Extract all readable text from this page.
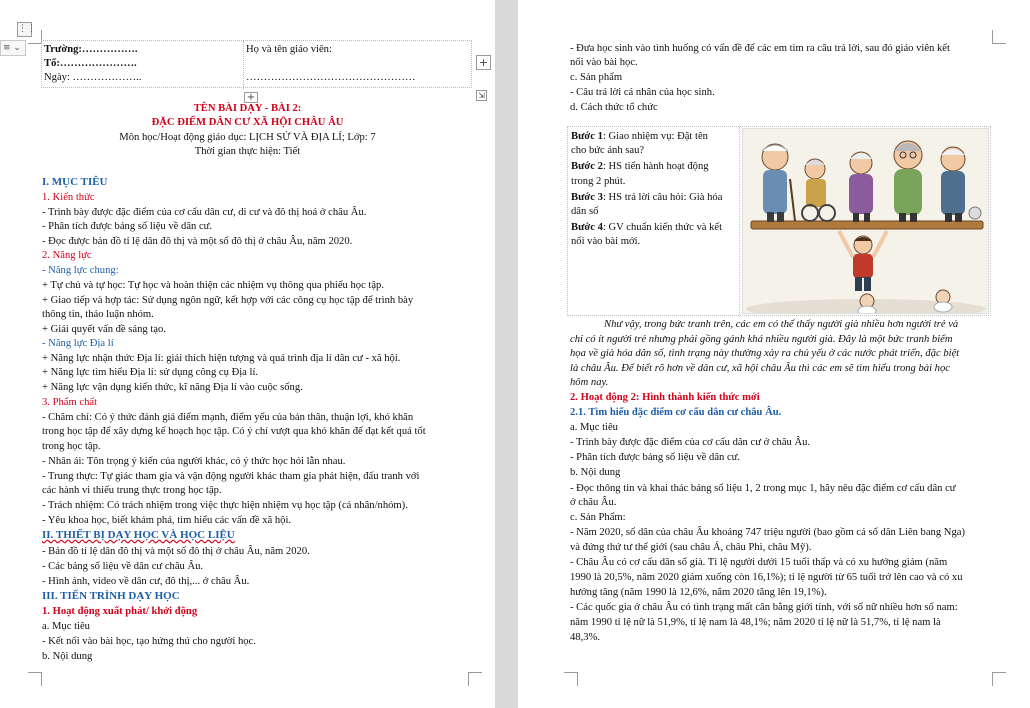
≡ ⌄
⋮⋮
Trường:…………….
Tổ:………………….
Ngày: ………………..
Họ và tên giáo viên:
…………………………………………
+
+	⇲
TÊN BÀI DẠY - BÀI 2:
ĐẶC ĐIỂM DÂN CƯ XÃ HỘI CHÂU ÂU
Môn học/Hoạt động giáo dục: LỊCH SỬ VÀ ĐỊA LÍ; Lớp: 7
Thời gian thực hiện: Tiết
I. MỤC TIÊU
1. Kiến thức
- Trình bày được đặc điểm của cơ cấu dân cư, di cư và đô thị hoá ở châu Âu.
- Phân tích được bảng số liệu về dân cư.
- Đọc được bản đồ tỉ lệ dân đô thị và một số đô thị ở châu Âu, năm 2020.
2. Năng lực
- Năng lực chung:
+ Tự chủ và tự học: Tự học và hoàn thiện các nhiệm vụ thông qua phiếu học tập.
+ Giao tiếp và hợp tác: Sử dụng ngôn ngữ, kết hợp với các công cụ học tập để trình bày
thông tin, thảo luận nhóm.
+ Giải quyết vấn đề sáng tạo.
- Năng lực Địa lí
+ Năng lực nhận thức Địa lí: giải thích hiện tượng và quá trình địa lí dân cư - xã hội.
+ Năng lực tìm hiểu Địa lí: sử dụng công cụ Địa lí.
+ Năng lực vận dụng kiến thức, kĩ năng Địa lí vào cuộc sống.
3. Phẩm chất
- Chăm chỉ: Có ý thức đánh giá điểm mạnh, điểm yếu của bản thân, thuận lợi, khó khăn
trong học tập để xây dựng kế hoạch học tập. Có ý chí vượt qua khó khăn để đạt kết quả tốt
trong học tập.
- Nhân ái: Tôn trọng ý kiến của người khác, có ý thức học hỏi lẫn nhau.
- Trung thực: Tự giác tham gia và vận động người khác tham gia phát hiện, đấu tranh với
các hành vi thiếu trung thực trong học tập.
- Trách nhiệm: Có trách nhiệm trong việc thực hiện nhiệm vụ học tập (cá nhân/nhóm).
- Yêu khoa học, biết khám phá, tìm hiểu các vấn đề xã hội.
II. THIẾT BỊ DẠY HỌC VÀ HỌC LIỆU
- Bản đồ tỉ lệ dân đô thị và một số đô thị ở châu Âu, năm 2020.
- Các bảng số liệu về dân cư châu Âu.
- Hình ảnh, video về dân cư, đô thị,... ở châu Âu.
III. TIẾN TRÌNH DẠY HỌC
1. Hoạt động xuất phát/ khởi động
a. Mục tiêu
- Kết nối vào bài học, tạo hứng thú cho người học.
b. Nội dung
- Đưa học sinh vào tình huống có vấn đề để các em tìm ra câu trả lời, sau đó giáo viên kết
nối vào bài học.
c. Sản phẩm
- Câu trả lời cá nhân của học sinh.
d. Cách thức tổ chức
Bước 1: Giao nhiệm vụ: Đặt tên
cho bức ảnh sau?
Bước 2: HS tiến hành hoạt động
trong 2 phút.
Bước 3: HS trả lời câu hỏi: Già hóa
dân số
Bước 4: GV chuẩn kiến thức và kết
nối vào bài mới.
Như vậy, trong bức tranh trên, các em có thể thấy người già nhiều hơn người trẻ và
chỉ có ít người trẻ nhưng phải gồng gánh khá nhiều người già. Đây là một bức tranh biếm
họa về già hóa dân số, tình trạng này thường xảy ra chủ yếu ở các nước phát triển, đặc biệt
là châu Âu. Để biết rõ hơn về dân cư, xã hội châu Âu thì các em sẽ tìm hiểu trong bài học
hôm nay.
2. Hoạt động 2: Hình thành kiến thức mới
2.1. Tìm hiểu đặc điểm cơ cấu dân cư châu Âu.
a. Mục tiêu
- Trình bày được đặc điểm của cơ cấu dân cư ở châu Âu.
- Phân tích được bảng số liệu về dân cư.
b. Nội dung
- Đọc thông tin và khai thác bảng số liệu 1, 2 trong mục 1, hãy nêu đặc điểm cơ cấu dân cư
ở châu Âu.
c. Sản Phẩm:
- Năm 2020, số dân của châu Âu khoảng 747 triệu người (bao gồm cả số dân Liên bang Nga)
và đứng thứ tư thế giới (sau châu Á, châu Phi, châu Mỹ).
- Châu Âu có cơ cấu dân số già. Tỉ lệ người dưới 15 tuổi thấp và có xu hướng giảm (năm
1990 là 20,5%, năm 2020 giảm xuống còn 16,1%); tỉ lệ người từ 65 tuổi trở lên cao và có xu
hướng tăng (năm 1990 là 12,6%, năm 2020 tăng lên 19,1%).
- Các quốc gia ở châu Âu có tình trạng mất cân bằng giới tính, với số nữ nhiều hơn số nam:
năm 1990 tỉ lệ nữ là 51,9%, tỉ lệ nam là 48,1%; năm 2020 tỉ lệ nữ là 51,7%, tỉ lệ nam là
48,3%.
